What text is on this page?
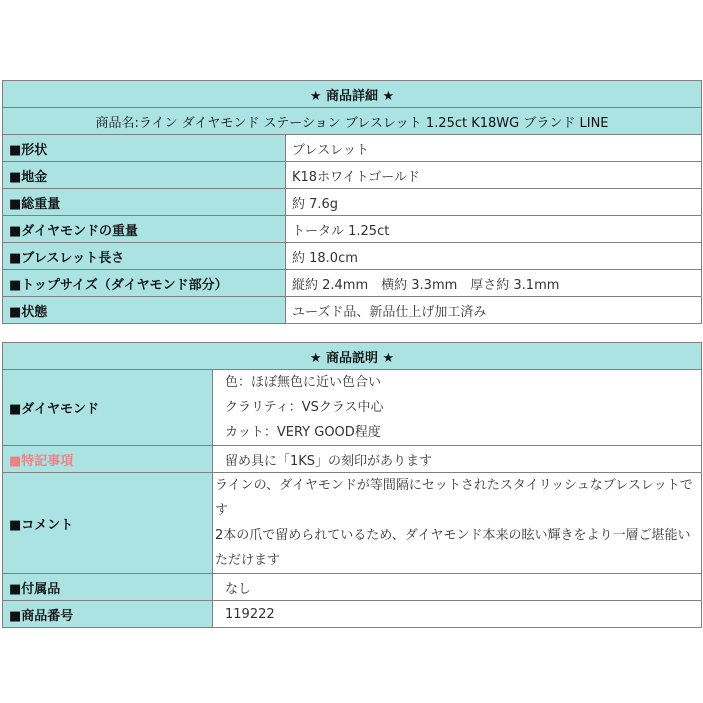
★ 商品詳細 ★	
商品名:ライン ダイヤモンド ステーション ブレスレット 1.25ct K18WG ブランド LINE	
■形状	ブレスレット
■地金	K18ホワイトゴールド
■総重量	約 7.6g
■ダイヤモンドの重量	トータル 1.25ct
■ブレスレット長さ	約 18.0cm
■トップサイズ（ダイヤモンド部分）	縦約 2.4mm　横約 3.3mm　厚さ約 3.1mm
■状態	ユーズド品、新品仕上げ加工済み
★ 商品説明 ★	
■ダイヤモンド	色：ほぼ無色に近い色合い
クラリティ：VSクラス中心
カット：VERY GOOD程度

■特記事項	留め具に「1KS」の刻印があります
■コメント	ラインの、ダイヤモンドが等間隔にセットされたスタイリッシュなブレスレットです
2本の爪で留められているため、ダイヤモンド本来の眩い輝きをより一層ご堪能いただけます

■付属品	なし
■商品番号	119222
